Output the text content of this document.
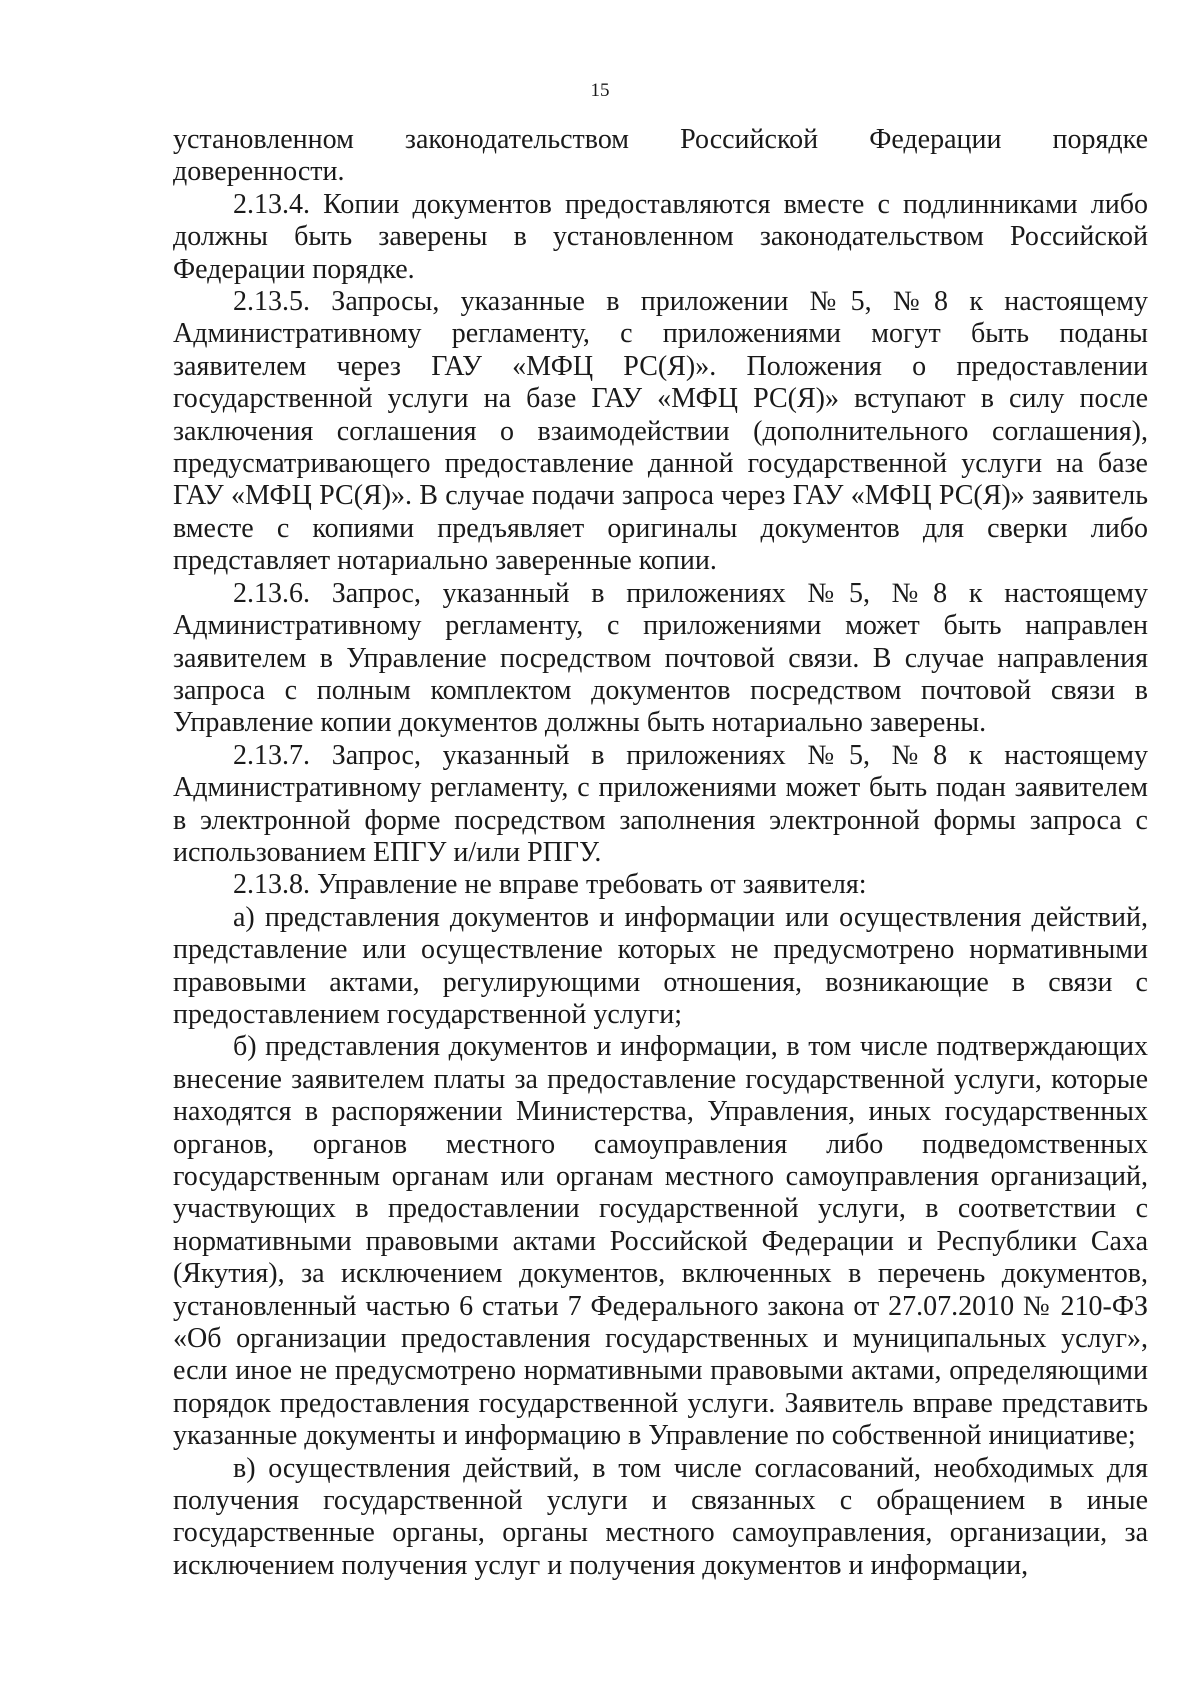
15

установленном законодательством Российской Федерации порядке доверенности.

2.13.4. Копии документов предоставляются вместе с подлинниками либо должны быть заверены в установленном законодательством Российской Федерации порядке.

2.13.5. Запросы, указанные в приложении №5, №8 к настоящему Административному регламенту, с приложениями могут быть поданы заявителем через ГАУ «МФЦ РС(Я)». Положения о предоставлении государственной услуги на базе ГАУ «МФЦ РС(Я)» вступают в силу после заключения соглашения о взаимодействии (дополнительного соглашения), предусматривающего предоставление данной государственной услуги на базе ГАУ «МФЦ РС(Я)». В случае подачи запроса через ГАУ «МФЦ РС(Я)» заявитель вместе с копиями предъявляет оригиналы документов для сверки либо представляет нотариально заверенные копии.

2.13.6. Запрос, указанный в приложениях №5, №8 к настоящему Административному регламенту, с приложениями может быть направлен заявителем в Управление посредством почтовой связи. В случае направления запроса с полным комплектом документов посредством почтовой связи в Управление копии документов должны быть нотариально заверены.

2.13.7. Запрос, указанный в приложениях №5, №8 к настоящему Административному регламенту, с приложениями может быть подан заявителем в электронной форме посредством заполнения электронной формы запроса с использованием ЕПГУ и/или РПГУ.

2.13.8. Управление не вправе требовать от заявителя:

а) представления документов и информации или осуществления действий, представление или осуществление которых не предусмотрено нормативными правовыми актами, регулирующими отношения, возникающие в связи с предоставлением государственной услуги;

б) представления документов и информации, в том числе подтверждающих внесение заявителем платы за предоставление государственной услуги, которые находятся в распоряжении Министерства, Управления, иных государственных органов, органов местного самоуправления либо подведомственных государственным органам или органам местного самоуправления организаций, участвующих в предоставлении государственной услуги, в соответствии с нормативными правовыми актами Российской Федерации и Республики Саха (Якутия), за исключением документов, включенных в перечень документов, установленный частью 6 статьи 7 Федерального закона от 27.07.2010 № 210-ФЗ «Об организации предоставления государственных и муниципальных услуг», если иное не предусмотрено нормативными правовыми актами, определяющими порядок предоставления государственной услуги. Заявитель вправе представить указанные документы и информацию в Управление по собственной инициативе;

в) осуществления действий, в том числе согласований, необходимых для получения государственной услуги и связанных с обращением в иные государственные органы, органы местного самоуправления, организации, за исключением получения услуг и получения документов и информации,
